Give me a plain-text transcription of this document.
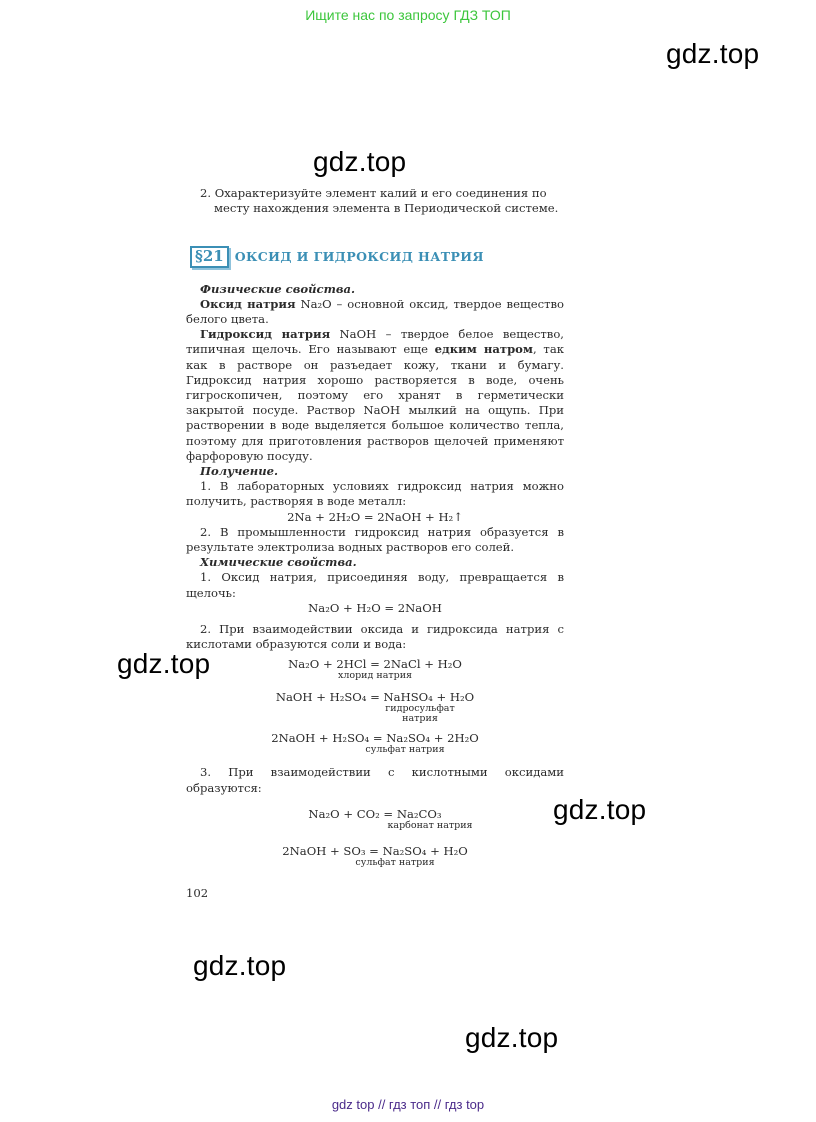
Ищите нас по запросу ГДЗ ТОП
gdz.top
gdz.top
gdz.top
gdz.top
gdz.top
gdz.top

2. Охарактеризуйте элемент калий и его соединения по месту нахождения элемента в Периодической системе.

§21 ОКСИД И ГИДРОКСИД НАТРИЯ

Физические свойства.

Оксид натрия Na₂O – основной оксид, твердое вещество белого цвета.

Гидроксид натрия NaOH – твердое белое вещество, типичная щелочь. Его называют еще едким натром, так как в растворе он разъедает кожу, ткани и бумагу. Гидроксид натрия хорошо растворяется в воде, очень гигроскопичен, поэтому его хранят в герметически закрытой посуде. Раствор NaOH мылкий на ощупь. При растворении в воде выделяется большое количество тепла, поэтому для приготовления растворов щелочей применяют фарфоровую посуду.

Получение.

1. В лабораторных условиях гидроксид натрия можно получить, растворяя в воде металл:

2Na + 2H₂O = 2NaOH + H₂↑

2. В промышленности гидроксид натрия образуется в результате электролиза водных растворов его солей.

Химические свойства.

1. Оксид натрия, присоединяя воду, превращается в щелочь:

Na₂O + H₂O = 2NaOH

2. При взаимодействии оксида и гидроксида натрия с кислотами образуются соли и вода:

Na₂O + 2HCl = 2NaCl + H₂O
хлорид натрия
NaOH + H₂SO₄ = NaHSO₄ + H₂O
гидросульфат
натрия
2NaOH + H₂SO₄ = Na₂SO₄ + 2H₂O
сульфат натрия

3. При взаимодействии с кислотными оксидами образуются:

Na₂O + CO₂ = Na₂CO₃
карбонат натрия
2NaOH + SO₃ = Na₂SO₄ + H₂O
сульфат натрия
102
gdz top // гдз топ // гдз top
